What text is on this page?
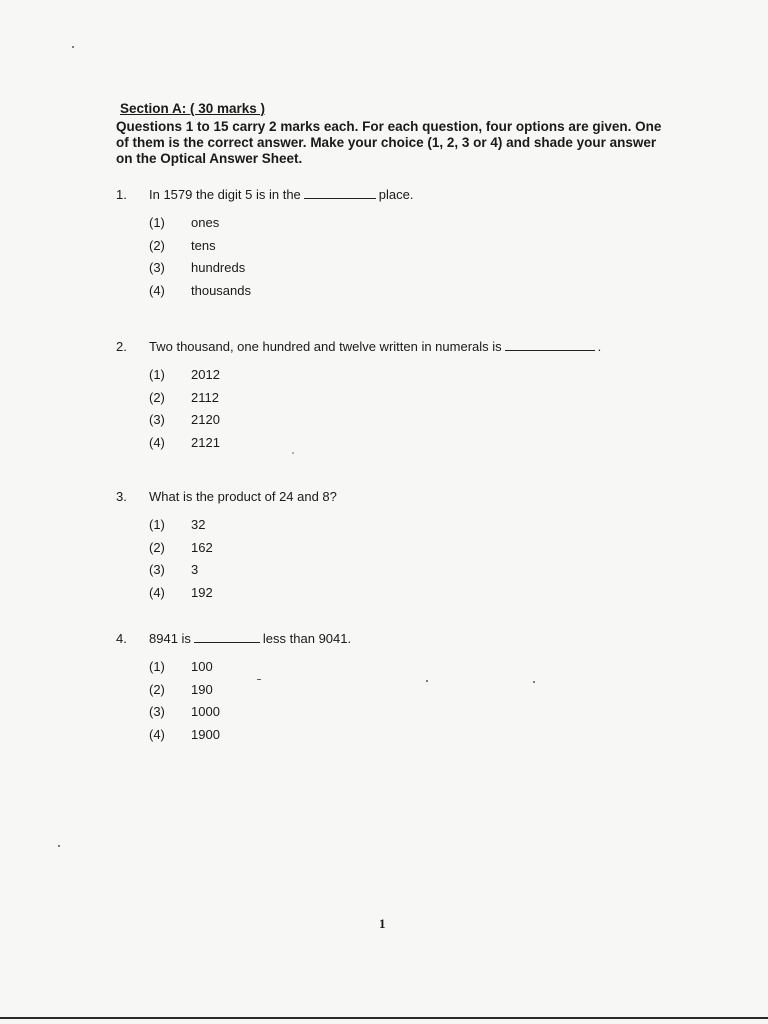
Section A: ( 30 marks )
Questions 1 to 15 carry 2 marks each. For each question, four options are given. One of them is the correct answer. Make your choice (1, 2, 3 or 4) and shade your answer on the Optical Answer Sheet.
1. In 1579 the digit 5 is in the	place.
(1) ones
(2) tens
(3) hundreds
(4) thousands
2. Two thousand, one hundred and twelve written in numerals is	.
(1) 2012
(2) 2112
(3) 2120
(4) 2121
3. What is the product of 24 and 8?
(1) 32
(2) 162
(3) 3
(4) 192
4. 8941 is	less than 9041.
(1) 100
(2) 190
(3) 1000
(4) 1900
1
